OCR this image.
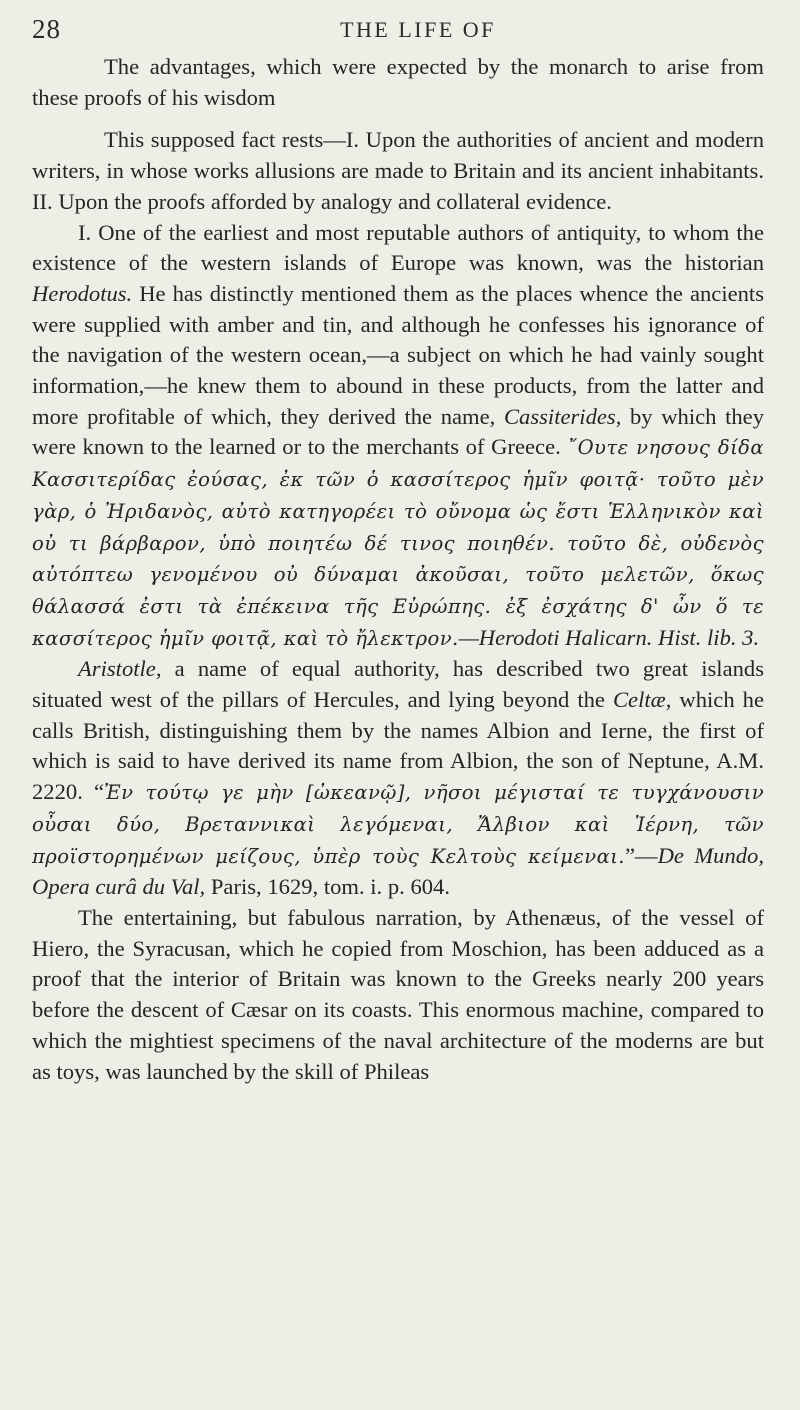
28	THE LIFE OF

The advantages, which were expected by the monarch to arise from these proofs of his wisdom

This supposed fact rests—I. Upon the authorities of ancient and modern writers, in whose works allusions are made to Britain and its ancient inhabitants. II. Upon the proofs afforded by analogy and collateral evidence.

I. One of the earliest and most reputable authors of antiquity, to whom the existence of the western islands of Europe was known, was the historian Herodotus. He has distinctly mentioned them as the places whence the ancients were supplied with amber and tin, and although he confesses his ignorance of the navigation of the western ocean,—a subject on which he had vainly sought information,—he knew them to abound in these products, from the latter and more profitable of which, they derived the name, Cassiterides, by which they were known to the learned or to the merchants of Greece. ῎Ουτε νησους δίδα Κασσιτερίδας ἐούσας, ἐκ τῶν ὁ κασσίτερος ἡμῖν φοιτᾷ· τοῦτο μὲν γὰρ, ὁ Ἠριδανὸς, αὐτὸ κατηγορέει τὸ οὔνομα ὡς ἔστι Ἑλληνικὸν καὶ οὐ τι βάρβαρον, ὑπὸ ποιητέω δέ τινος ποιηθέν. τοῦτο δὲ, οὐδενὸς αὐτόπτεω γενομένου οὐ δύναμαι ἀκοῦσαι, τοῦτο μελετῶν, ὅκως θάλασσά ἐστι τὰ ἐπέκεινα τῆς Εὐρώπης. ἐξ ἐσχάτης δ' ὦν ὅ τε κασσίτερος ἡμῖν φοιτᾷ, καὶ τὸ ἤλεκτρον.—Herodoti Halicarn. Hist. lib. 3.

Aristotle, a name of equal authority, has described two great islands situated west of the pillars of Hercules, and lying beyond the Celtæ, which he calls British, distinguishing them by the names Albion and Ierne, the first of which is said to have derived its name from Albion, the son of Neptune, A.M. 2220. “Ἐν τούτῳ γε μὴν [ὠκεανῷ], νῆσοι μέγισταί τε τυγχάνουσιν οὖσαι δύο, Βρεταννικαὶ λεγόμεναι, Ἄλβιον καὶ Ἰέρνη, τῶν προϊστορημένων μείζους, ὑπὲρ τοὺς Κελτοὺς κείμεναι.”—De Mundo, Opera curâ du Val, Paris, 1629, tom. i. p. 604.

The entertaining, but fabulous narration, by Athenæus, of the vessel of Hiero, the Syracusan, which he copied from Moschion, has been adduced as a proof that the interior of Britain was known to the Greeks nearly 200 years before the descent of Cæsar on its coasts. This enormous machine, compared to which the mightiest specimens of the naval architecture of the moderns are but as toys, was launched by the skill of Phileas
